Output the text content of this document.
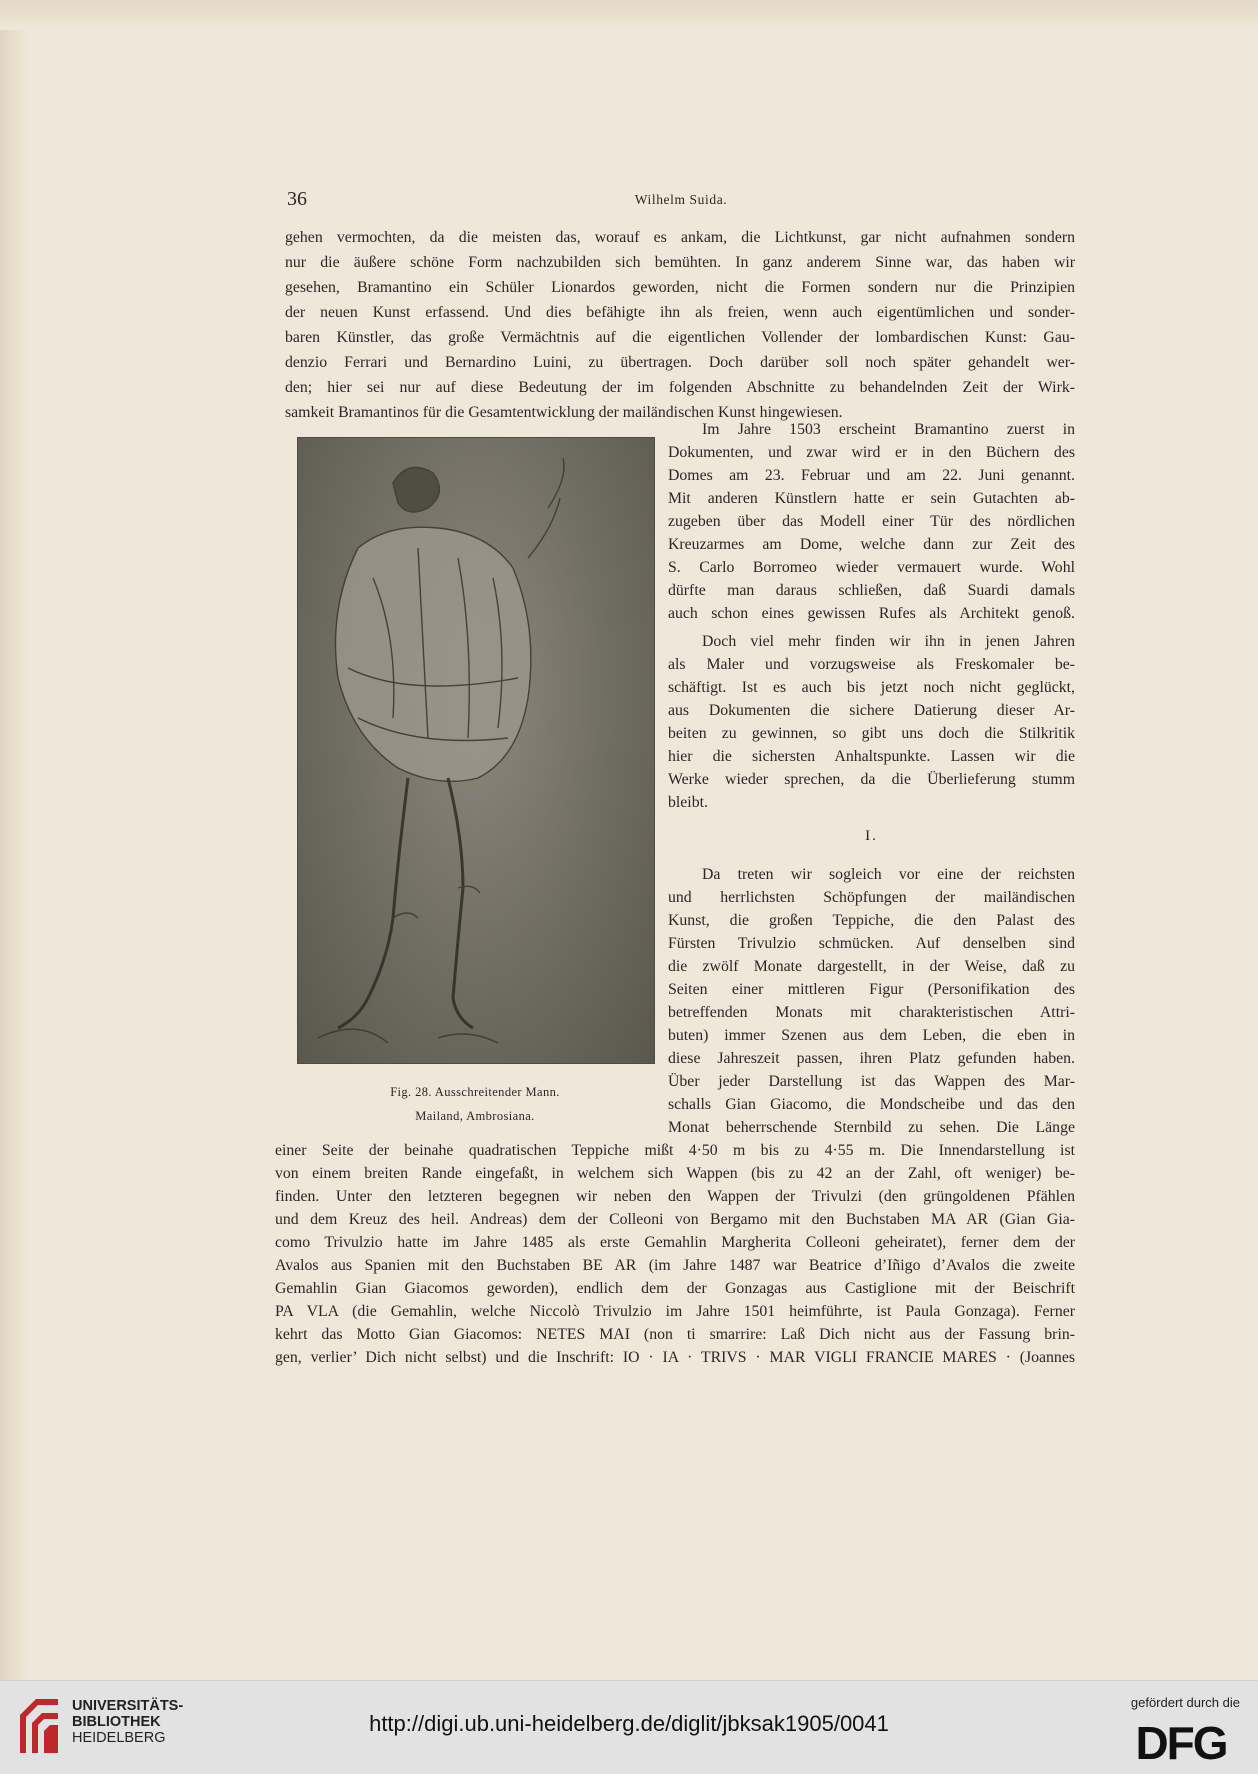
36	Wilhelm Suida.
gehen vermochten, da die meisten das, worauf es ankam, die Lichtkunst, gar nicht aufnahmen sondern
nur die äußere schöne Form nachzubilden sich bemühten. In ganz anderem Sinne war, das haben wir
gesehen, Bramantino ein Schüler Lionardos geworden, nicht die Formen sondern nur die Prinzipien
der neuen Kunst erfassend. Und dies befähigte ihn als freien, wenn auch eigentümlichen und sonder-
baren Künstler, das große Vermächtnis auf die eigentlichen Vollender der lombardischen Kunst: Gau-
denzio Ferrari und Bernardino Luini, zu übertragen. Doch darüber soll noch später gehandelt wer-
den; hier sei nur auf diese Bedeutung der im folgenden Abschnitte zu behandelnden Zeit der Wirk-
samkeit Bramantinos für die Gesamtentwicklung der mailändischen Kunst hingewiesen.
Im Jahre 1503 erscheint Bramantino zuerst in
Dokumenten, und zwar wird er in den Büchern des
Domes am 23. Februar und am 22. Juni genannt.
Mit anderen Künstlern hatte er sein Gutachten ab-
zugeben über das Modell einer Tür des nördlichen
Kreuzarmes am Dome, welche dann zur Zeit des
S. Carlo Borromeo wieder vermauert wurde. Wohl
dürfte man daraus schließen, daß Suardi damals
auch schon eines gewissen Rufes als Architekt genoß.
Doch viel mehr finden wir ihn in jenen Jahren
als Maler und vorzugsweise als Freskomaler be-
schäftigt. Ist es auch bis jetzt noch nicht geglückt,
aus Dokumenten die sichere Datierung dieser Ar-
beiten zu gewinnen, so gibt uns doch die Stilkritik
hier die sichersten Anhaltspunkte. Lassen wir die
Werke wieder sprechen, da die Überlieferung stumm
bleibt.
I.
Da treten wir sogleich vor eine der reichsten
und herrlichsten Schöpfungen der mailändischen
Kunst, die großen Teppiche, die den Palast des
Fürsten Trivulzio schmücken. Auf denselben sind
die zwölf Monate dargestellt, in der Weise, daß zu
Seiten einer mittleren Figur (Personifikation des
betreffenden Monats mit charakteristischen Attri-
buten) immer Szenen aus dem Leben, die eben in
diese Jahreszeit passen, ihren Platz gefunden haben.
Über jeder Darstellung ist das Wappen des Mar-
schalls Gian Giacomo, die Mondscheibe und das den
Monat beherrschende Sternbild zu sehen. Die Länge
einer Seite der beinahe quadratischen Teppiche mißt 4·50 m bis zu 4·55 m. Die Innendarstellung ist
von einem breiten Rande eingefaßt, in welchem sich Wappen (bis zu 42 an der Zahl, oft weniger) be-
finden. Unter den letzteren begegnen wir neben den Wappen der Trivulzi (den grüngoldenen Pfählen
und dem Kreuz des heil. Andreas) dem der Colleoni von Bergamo mit den Buchstaben MA AR (Gian Gia-
como Trivulzio hatte im Jahre 1485 als erste Gemahlin Margherita Colleoni geheiratet), ferner dem der
Avalos aus Spanien mit den Buchstaben BE AR (im Jahre 1487 war Beatrice d’Iñigo d’Avalos die zweite
Gemahlin Gian Giacomos geworden), endlich dem der Gonzagas aus Castiglione mit der Beischrift
PA VLA (die Gemahlin, welche Niccolò Trivulzio im Jahre 1501 heimführte, ist Paula Gonzaga). Ferner
kehrt das Motto Gian Giacomos: NETES MAI (non ti smarrire: Laß Dich nicht aus der Fassung brin-
gen, verlier’ Dich nicht selbst) und die Inschrift: IO · IA · TRIVS · MAR VIGLI FRANCIE MARES · (Joannes
Fig. 28. Ausschreitender Mann.
Mailand, Ambrosiana.
UNIVERSITÄTS-
BIBLIOTHEK
HEIDELBERG
http://digi.ub.uni-heidelberg.de/diglit/jbksak1905/0041
gefördert durch die
DFG
